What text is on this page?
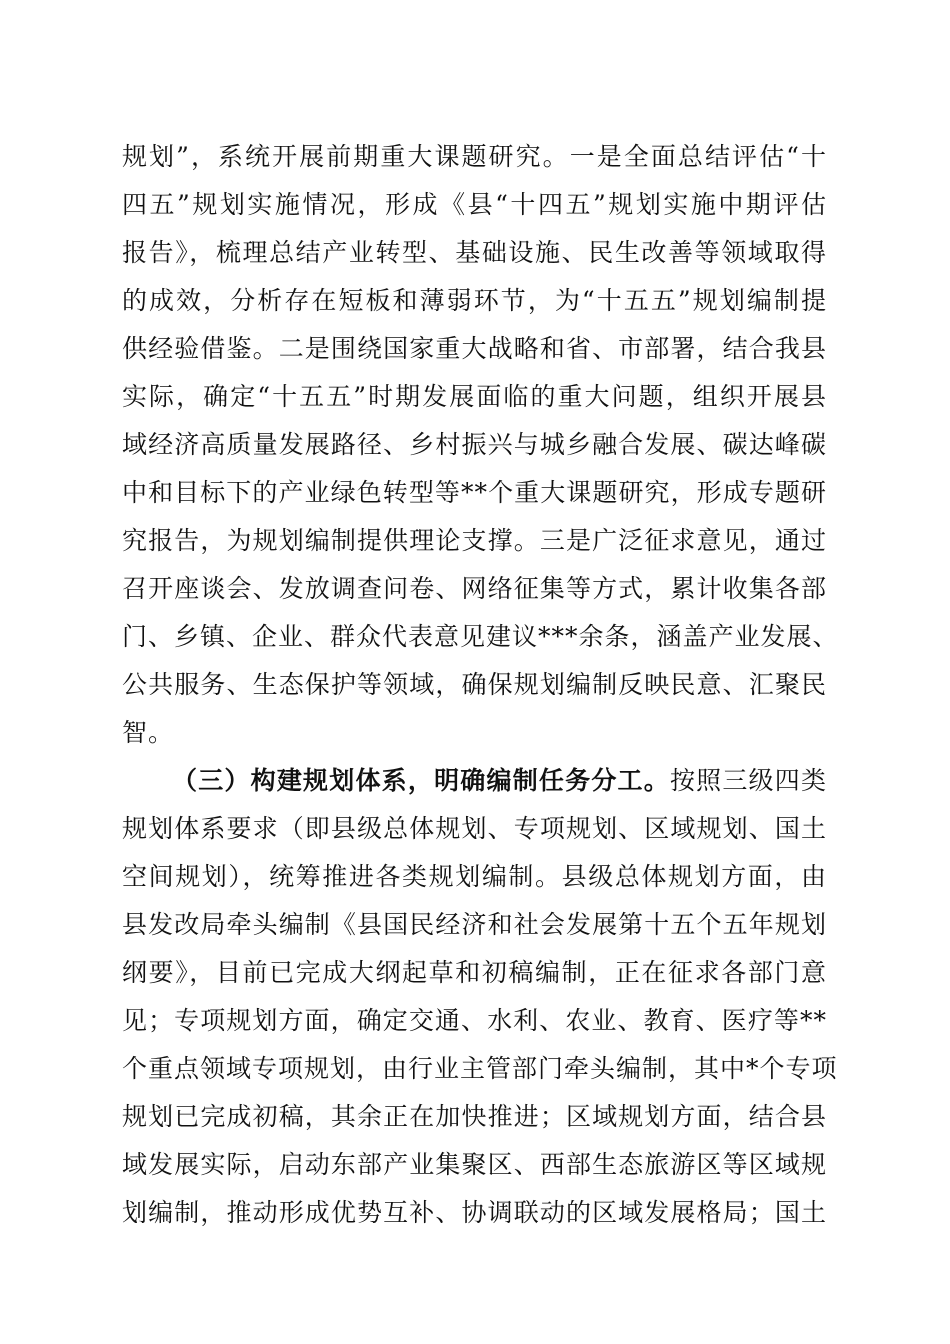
规划”，系统开展前期重大课题研究。一是全面总结评估“十
四五”规划实施情况，形成《县“十四五”规划实施中期评估
报告》，梳理总结产业转型、基础设施、民生改善等领域取得
的成效，分析存在短板和薄弱环节，为“十五五”规划编制提
供经验借鉴。二是围绕国家重大战略和省、市部署，结合我县
实际，确定“十五五”时期发展面临的重大问题，组织开展县
域经济高质量发展路径、乡村振兴与城乡融合发展、碳达峰碳
中和目标下的产业绿色转型等**个重大课题研究，形成专题研
究报告，为规划编制提供理论支撑。三是广泛征求意见，通过
召开座谈会、发放调查问卷、网络征集等方式，累计收集各部
门、乡镇、企业、群众代表意见建议***余条，涵盖产业发展、
公共服务、生态保护等领域，确保规划编制反映民意、汇聚民
智。
（三）构建规划体系，明确编制任务分工。按照三级四类
规划体系要求（即县级总体规划、专项规划、区域规划、国土
空间规划），统筹推进各类规划编制。县级总体规划方面，由
县发改局牵头编制《县国民经济和社会发展第十五个五年规划
纲要》，目前已完成大纲起草和初稿编制，正在征求各部门意
见；专项规划方面，确定交通、水利、农业、教育、医疗等**
个重点领域专项规划，由行业主管部门牵头编制，其中*个专项
规划已完成初稿，其余正在加快推进；区域规划方面，结合县
域发展实际，启动东部产业集聚区、西部生态旅游区等区域规
划编制，推动形成优势互补、协调联动的区域发展格局；国土
